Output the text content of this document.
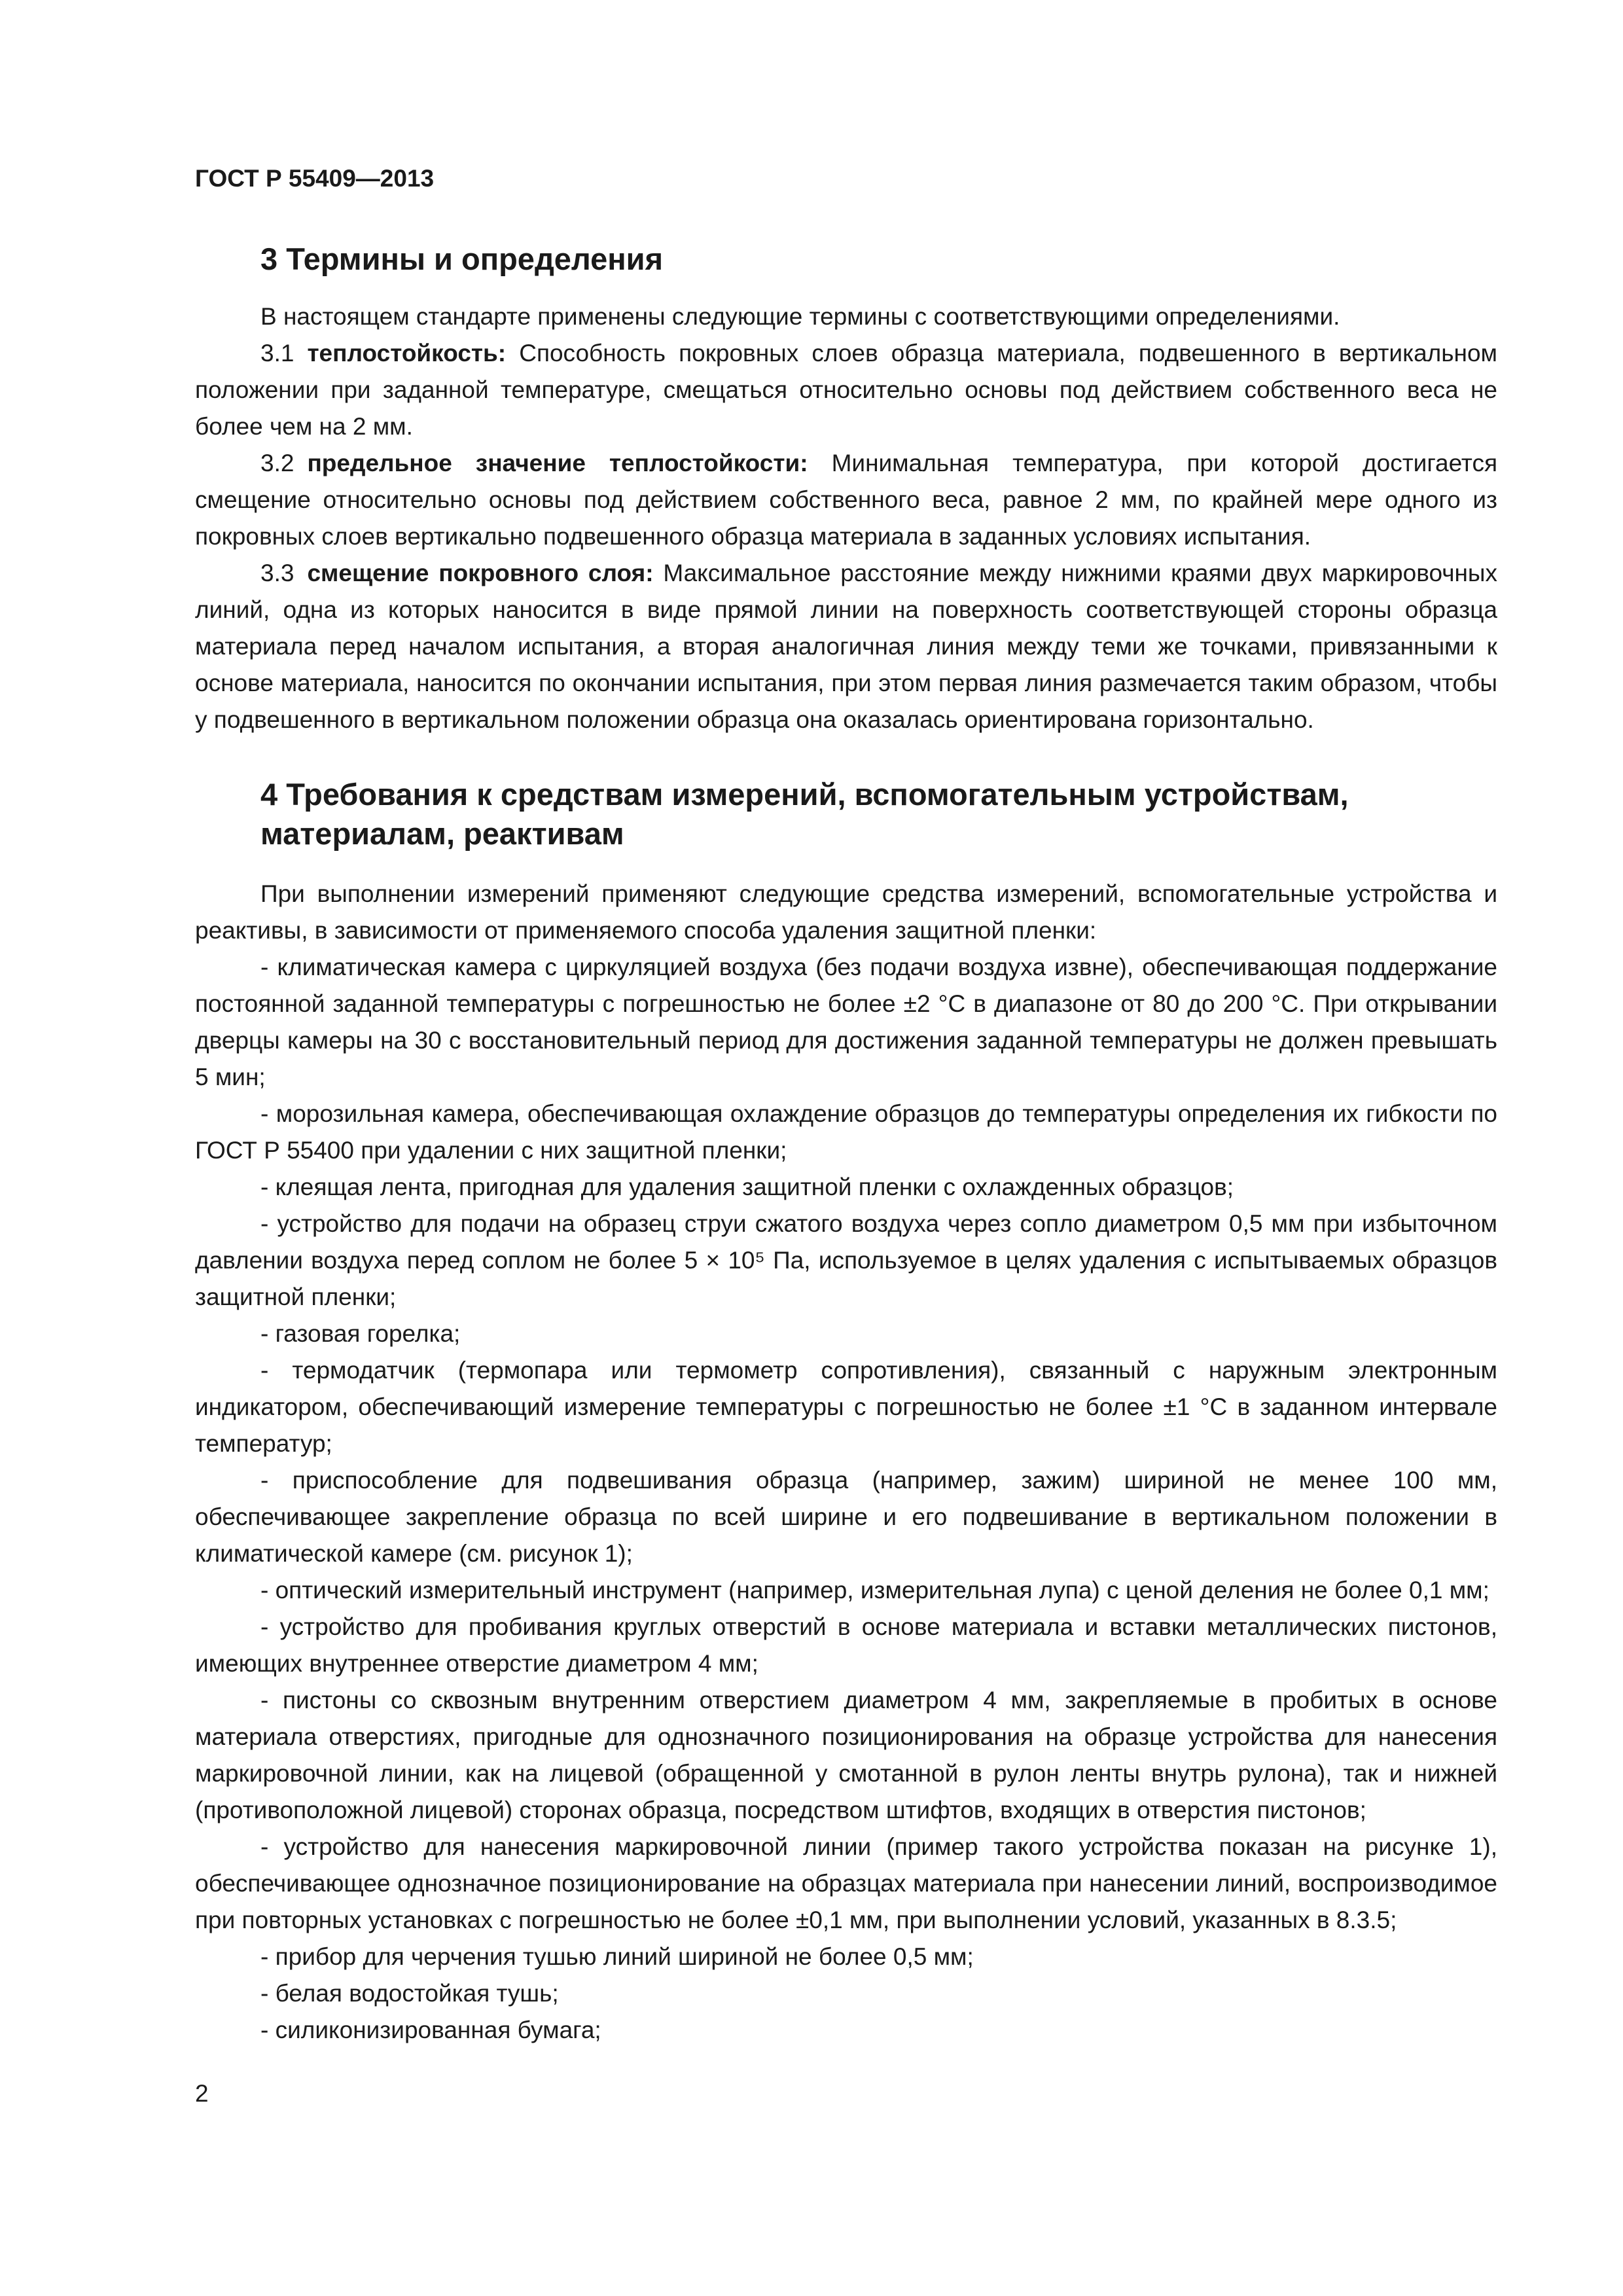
ГОСТ Р 55409—2013

3 Термины и определения

В настоящем стандарте применены следующие термины с соответствующими определениями.

3.1 теплостойкость: Способность покровных слоев образца материала, подвешенного в вертикальном положении при заданной температуре, смещаться относительно основы под действием собственного веса не более чем на 2 мм.

3.2 предельное значение теплостойкости: Минимальная температура, при которой достигается смещение относительно основы под действием собственного веса, равное 2 мм, по крайней мере одного из покровных слоев вертикально подвешенного образца материала в заданных условиях испытания.

3.3 смещение покровного слоя: Максимальное расстояние между нижними краями двух маркировочных линий, одна из которых наносится в виде прямой линии на поверхность соответствующей стороны образца материала перед началом испытания, а вторая аналогичная линия между теми же точками, привязанными к основе материала, наносится по окончании испытания, при этом первая линия размечается таким образом, чтобы у подвешенного в вертикальном положении образца она оказалась ориентирована горизонтально.

4 Требования к средствам измерений, вспомогательным устройствам, материалам, реактивам

При выполнении измерений применяют следующие средства измерений, вспомогательные устройства и реактивы, в зависимости от применяемого способа удаления защитной пленки:

- климатическая камера с циркуляцией воздуха (без подачи воздуха извне), обеспечивающая поддержание постоянной заданной температуры с погрешностью не более ±2 °С в диапазоне от 80 до 200 °С. При открывании дверцы камеры на 30 с восстановительный период для достижения заданной температуры не должен превышать 5 мин;

- морозильная камера, обеспечивающая охлаждение образцов до температуры определения их гибкости по ГОСТ Р 55400 при удалении с них защитной пленки;

- клеящая лента, пригодная для удаления защитной пленки с охлажденных образцов;

- устройство для подачи на образец струи сжатого воздуха через сопло диаметром 0,5 мм при избыточном давлении воздуха перед соплом не более 5 × 10⁵ Па, используемое в целях удаления с испытываемых образцов защитной пленки;

- газовая горелка;

- термодатчик (термопара или термометр сопротивления), связанный с наружным электронным индикатором, обеспечивающий измерение температуры с погрешностью не более ±1 °С в заданном интервале температур;

- приспособление для подвешивания образца (например, зажим) шириной не менее 100 мм, обеспечивающее закрепление образца по всей ширине и его подвешивание в вертикальном положении в климатической камере (см. рисунок 1);

- оптический измерительный инструмент (например, измерительная лупа) с ценой деления не более 0,1 мм;

- устройство для пробивания круглых отверстий в основе материала и вставки металлических пистонов, имеющих внутреннее отверстие диаметром 4 мм;

- пистоны со сквозным внутренним отверстием диаметром 4 мм, закрепляемые в пробитых в основе материала отверстиях, пригодные для однозначного позиционирования на образце устройства для нанесения маркировочной линии, как на лицевой (обращенной у смотанной в рулон ленты внутрь рулона), так и нижней (противоположной лицевой) сторонах образца, посредством штифтов, входящих в отверстия пистонов;

- устройство для нанесения маркировочной линии (пример такого устройства показан на рисунке 1), обеспечивающее однозначное позиционирование на образцах материала при нанесении линий, воспроизводимое при повторных установках с погрешностью не более ±0,1 мм, при выполнении условий, указанных в 8.3.5;

- прибор для черчения тушью линий шириной не более 0,5 мм;

- белая водостойкая тушь;

- силиконизированная бумага;

2
